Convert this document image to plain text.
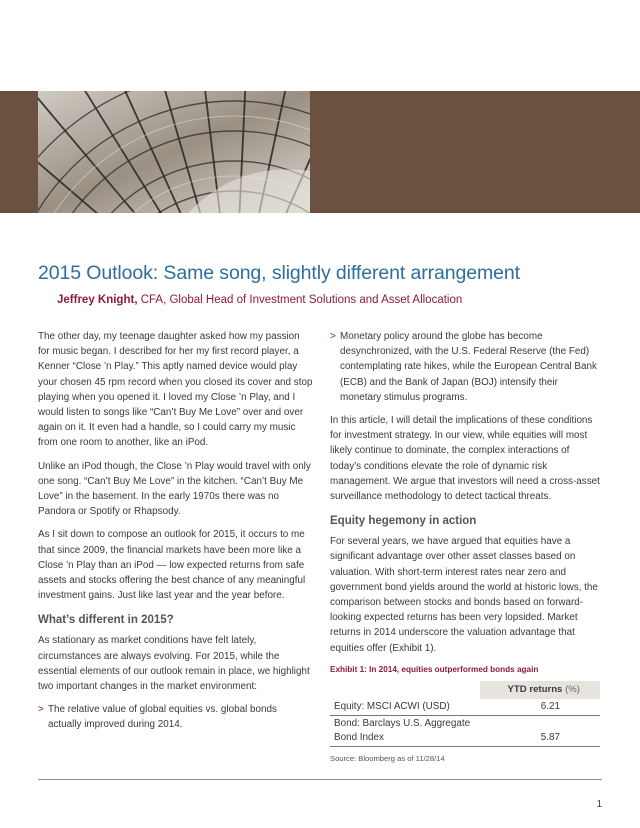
2015 Outlook: Same song, slightly different arrangement
Jeffrey Knight, CFA, Global Head of Investment Solutions and Asset Allocation

The other day, my teenage daughter asked how my passion for music began. I described for her my first record player, a Kenner “Close ’n Play.” This aptly named device would play your chosen 45 rpm record when you closed its cover and stop playing when you opened it. I loved my Close ’n Play, and I would listen to songs like “Can’t Buy Me Love” over and over again on it. It even had a handle, so I could carry my music from one room to another, like an iPod.

Unlike an iPod though, the Close ’n Play would travel with only one song. “Can’t Buy Me Love” in the kitchen. “Can’t Buy Me Love” in the basement. In the early 1970s there was no Pandora or Spotify or Rhapsody.

As I sit down to compose an outlook for 2015, it occurs to me that since 2009, the financial markets have been more like a Close ’n Play than an iPod — low expected returns from safe assets and stocks offering the best chance of any meaningful investment gains. Just like last year and the year before.

What’s different in 2015?

As stationary as market conditions have felt lately, circumstances are always evolving. For 2015, while the essential elements of our outlook remain in place, we highlight two important changes in the market environment:

> The relative value of global equities vs. global bonds actually improved during 2014.
> Monetary policy around the globe has become desynchronized, with the U.S. Federal Reserve (the Fed) contemplating rate hikes, while the European Central Bank (ECB) and the Bank of Japan (BOJ) intensify their monetary stimulus programs.

In this article, I will detail the implications of these conditions for investment strategy. In our view, while equities will most likely continue to dominate, the complex interactions of today’s conditions elevate the role of dynamic risk management. We argue that investors will need a cross-asset surveillance methodology to detect tactical threats.

Equity hegemony in action

For several years, we have argued that equities have a significant advantage over other asset classes based on valuation. With short-term interest rates near zero and government bond yields around the world at historic lows, the comparison between stocks and bonds based on forward-looking expected returns has been very lopsided. Market returns in 2014 underscore the valuation advantage that equities offer (Exhibit 1).

Exhibit 1: In 2014, equities outperformed bonds again
	YTD returns (%)
Equity: MSCI ACWI (USD)	6.21
Bond: Barclays U.S. Aggregate Bond Index	5.87
Source: Bloomberg as of 11/28/14
1
